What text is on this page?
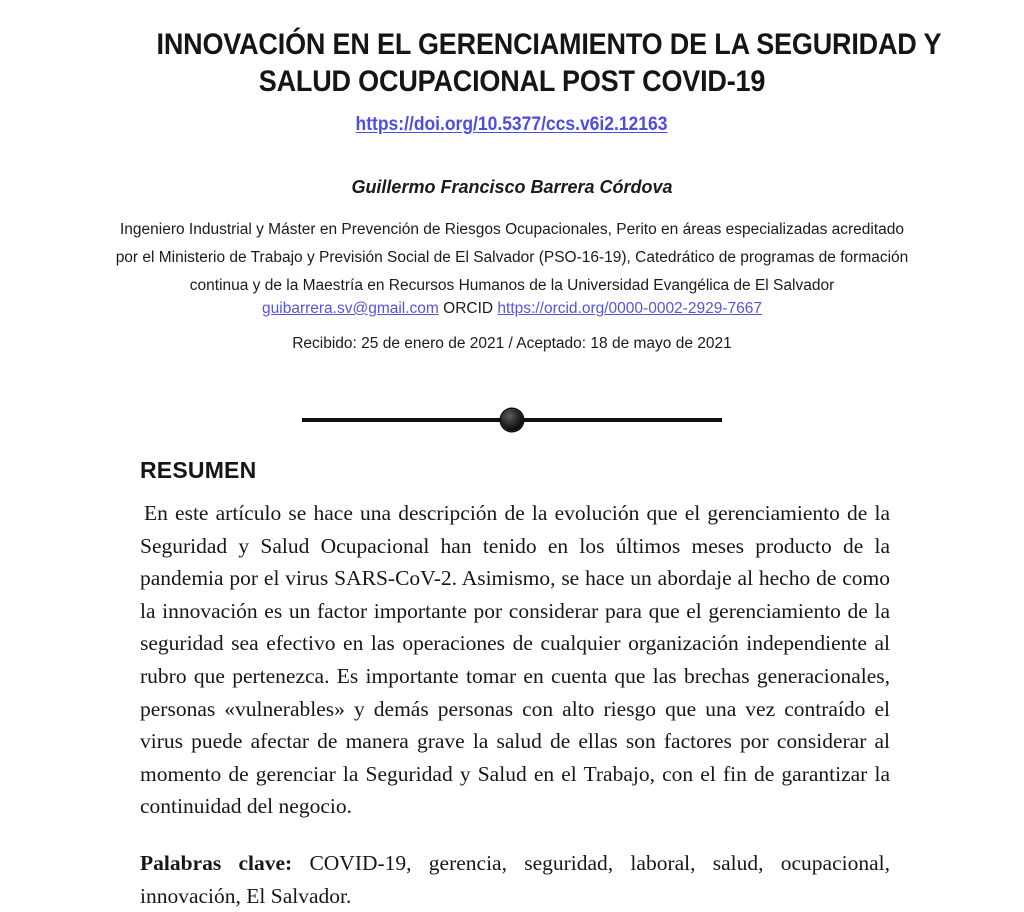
INNOVACIÓN EN EL GERENCIAMIENTO DE LA SEGURIDAD Y
SALUD OCUPACIONAL POST COVID-19
https://doi.org/10.5377/ccs.v6i2.12163
Guillermo Francisco Barrera Córdova
Ingeniero Industrial y Máster en Prevención de Riesgos Ocupacionales, Perito en áreas especializadas acreditado
por el Ministerio de Trabajo y Previsión Social de El Salvador (PSO-16-19), Catedrático de programas de formación
continua y de la Maestría en Recursos Humanos de la Universidad Evangélica de El Salvador
guibarrera.sv@gmail.com ORCID https://orcid.org/0000-0002-2929-7667
Recibido: 25 de enero de 2021 / Aceptado: 18 de mayo de 2021
RESUMEN

En este artículo se hace una descripción de la evolución que el gerenciamiento de la Seguridad y Salud Ocupacional han tenido en los últimos meses producto de la pandemia por el virus SARS-CoV-2. Asimismo, se hace un abordaje al hecho de como la innovación es un factor importante por considerar para que el gerenciamiento de la seguridad sea efectivo en las operaciones de cualquier organización independiente al rubro que pertenezca. Es importante tomar en cuenta que las brechas generacionales, personas «vulnerables» y demás personas con alto riesgo que una vez contraído el virus puede afectar de manera grave la salud de ellas son factores por considerar al momento de gerenciar la Seguridad y Salud en el Trabajo, con el fin de garantizar la continuidad del negocio.

Palabras clave: COVID-19, gerencia, seguridad, laboral, salud, ocupacional, innovación, El Salvador.
